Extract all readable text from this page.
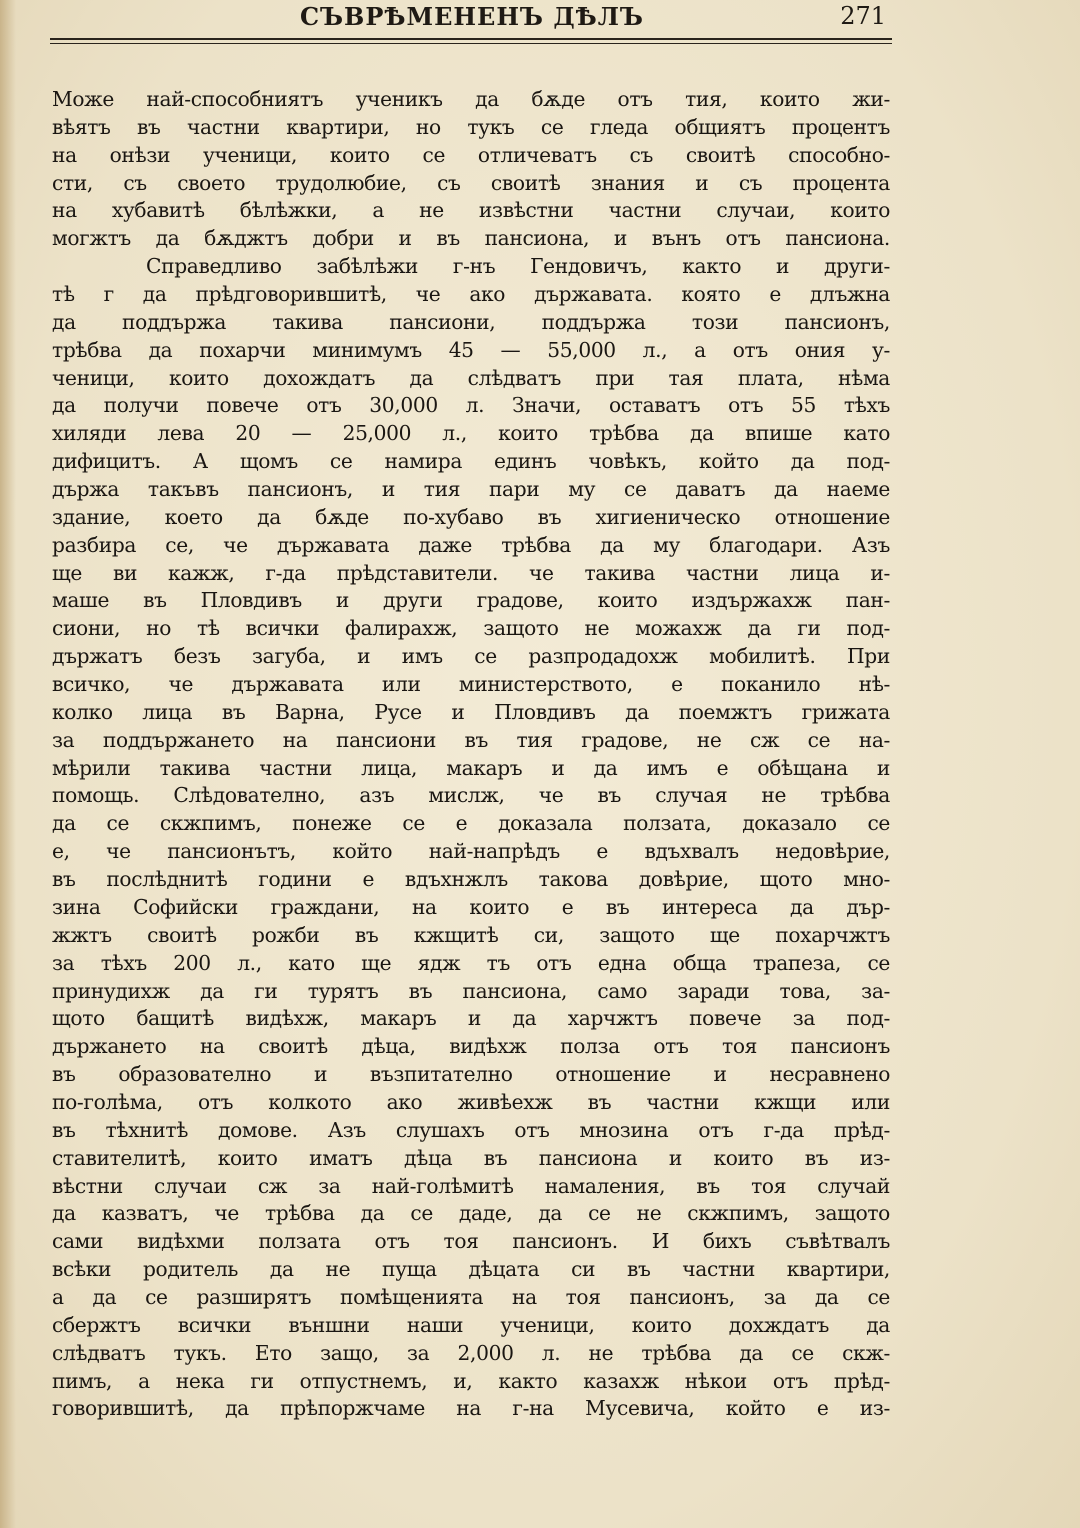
СЪВРѢМЕНЕНЪ ДѢЛЪ	271
Може най-способниятъ ученикъ да бѫде отъ тия, които жи-
вѣятъ въ частни квартири, но тукъ се гледа общиятъ процентъ
на онѣзи ученици, които се отличеватъ съ своитѣ способно-
сти, съ своето трудолюбие, съ своитѣ знания и съ процента
на хубавитѣ бѣлѣжки, а не извѣстни частни случаи, които
могжтъ да бѫджтъ добри и въ пансиона, и вънъ отъ пансиона.
Справедливо забѣлѣжи г-нъ Гендовичъ, както и други-
тѣ г да прѣдговорившитѣ, че ако държавата. която е длъжна
да поддържа такива пансиони, поддържа този пансионъ,
трѣбва да похарчи минимумъ 45 — 55,000 л., а отъ ония у-
ченици, които дохождатъ да слѣдватъ при тая плата, нѣма
да получи повече отъ 30,000 л. Значи, оставатъ отъ 55 тѣхъ
хиляди лева 20 — 25,000 л., които трѣбва да впише като
дифицитъ. А щомъ се намира единъ човѣкъ, който да под-
държа такъвъ пансионъ, и тия пари му се даватъ да наеме
здание, което да бѫде по-хубаво въ хигиеническо отношение
разбира се, че държавата даже трѣбва да му благодари. Азъ
ще ви кажж, г-да прѣдставители. че такива частни лица и-
маше въ Пловдивъ и други градове, които издържахж пан-
сиони, но тѣ всички фалирахж, защото не можахж да ги под-
държатъ безъ загуба, и имъ се разпродадохж мобилитѣ. При
всичко, че държавата или министерството, е поканило нѣ-
колко лица въ Варна, Русе и Пловдивъ да поемжтъ грижата
за поддържането на пансиони въ тия градове, не сж се на-
мѣрили такива частни лица, макаръ и да имъ е обѣщана и
помощь. Слѣдователно, азъ мислж, че въ случая не трѣбва
да се скжпимъ, понеже се е доказала ползата, доказало се
е, че пансионътъ, който най-напрѣдъ е вдъхвалъ недовѣрие,
въ послѣднитѣ години е вдъхнжлъ такова довѣрие, щото мно-
зина Софийски граждани, на които е въ интереса да дър-
жжтъ своитѣ рожби въ кжщитѣ си, защото ще похарчжтъ
за тѣхъ 200 л., като ще ядж тъ отъ една обща трапеза, се
принудихж да ги турятъ въ пансиона, само заради това, за-
щото бащитѣ видѣхж, макаръ и да харчжтъ повече за под-
държането на своитѣ дѣца, видѣхж полза отъ тоя пансионъ
въ образователно и възпитателно отношение и несравнено
по-голѣма, отъ колкото ако живѣехж въ частни кжщи или
въ тѣхнитѣ домове. Азъ слушахъ отъ мнозина отъ г-да прѣд-
ставителитѣ, които иматъ дѣца въ пансиона и които въ из-
вѣстни случаи сж за най-голѣмитѣ намаления, въ тоя случай
да казватъ, че трѣбва да се даде, да се не скжпимъ, защото
сами видѣхми ползата отъ тоя пансионъ. И бихъ съвѣтвалъ
всѣки родитель да не пуща дѣцата си въ частни квартири,
а да се разширятъ помѣщенията на тоя пансионъ, за да се
сбержтъ всички външни наши ученици, които дохждатъ да
слѣдватъ тукъ. Ето защо, за 2,000 л. не трѣбва да се скж-
пимъ, а нека ги отпустнемъ, и, както казахж нѣкои отъ прѣд-
говорившитѣ, да прѣпоржчаме на г-на Мусевича, който е из-
